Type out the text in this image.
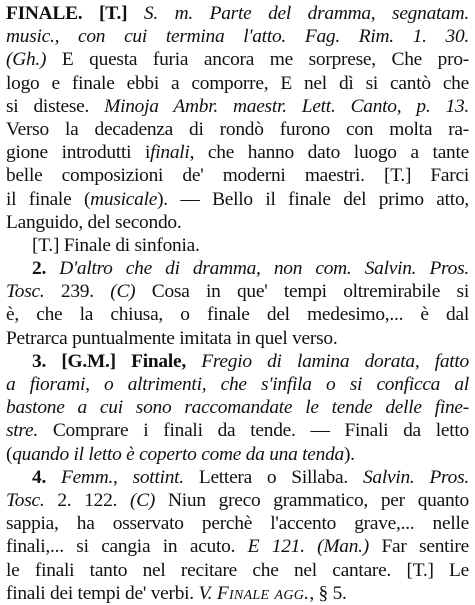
FINALE. [T.] S. m. Parte del dramma, segnatam.
music., con cui termina l'atto. Fag. Rim. 1. 30.
(Gh.) E questa furia ancora me sorprese, Che pro-
logo e finale ebbi a comporre, E nel dì si cantò che
si distese. Minoja Ambr. maestr. Lett. Canto, p. 13.
Verso la decadenza di rondò furono con molta ra-
gione introdutti ifinali, che hanno dato luogo a tante
belle composizioni de' moderni maestri. [T.] Farci
il finale (musicale). — Bello il finale del primo atto,
Languido, del secondo.
[T.] Finale di sinfonia.
2. D'altro che di dramma, non com. Salvin. Pros.
Tosc. 239. (C) Cosa in que' tempi oltremirabile si
è, che la chiusa, o finale del medesimo,... è dal
Petrarca puntualmente imitata in quel verso.
3. [G.M.] Finale, Fregio di lamina dorata, fatto
a fiorami, o altrimenti, che s'infila o si conficca al
bastone a cui sono raccomandate le tende delle fine-
stre. Comprare i finali da tende. — Finali da letto
(quando il letto è coperto come da una tenda).
4. Femm., sottint. Lettera o Sillaba. Salvin. Pros.
Tosc. 2. 122. (C) Niun greco grammatico, per quanto
sappia, ha osservato perchè l'accento grave,... nelle
finali,... si cangia in acuto. E 121. (Man.) Far sentire
le finali tanto nel recitare che nel cantare. [T.] Le
finali dei tempi de' verbi. V. Finale agg., § 5.
